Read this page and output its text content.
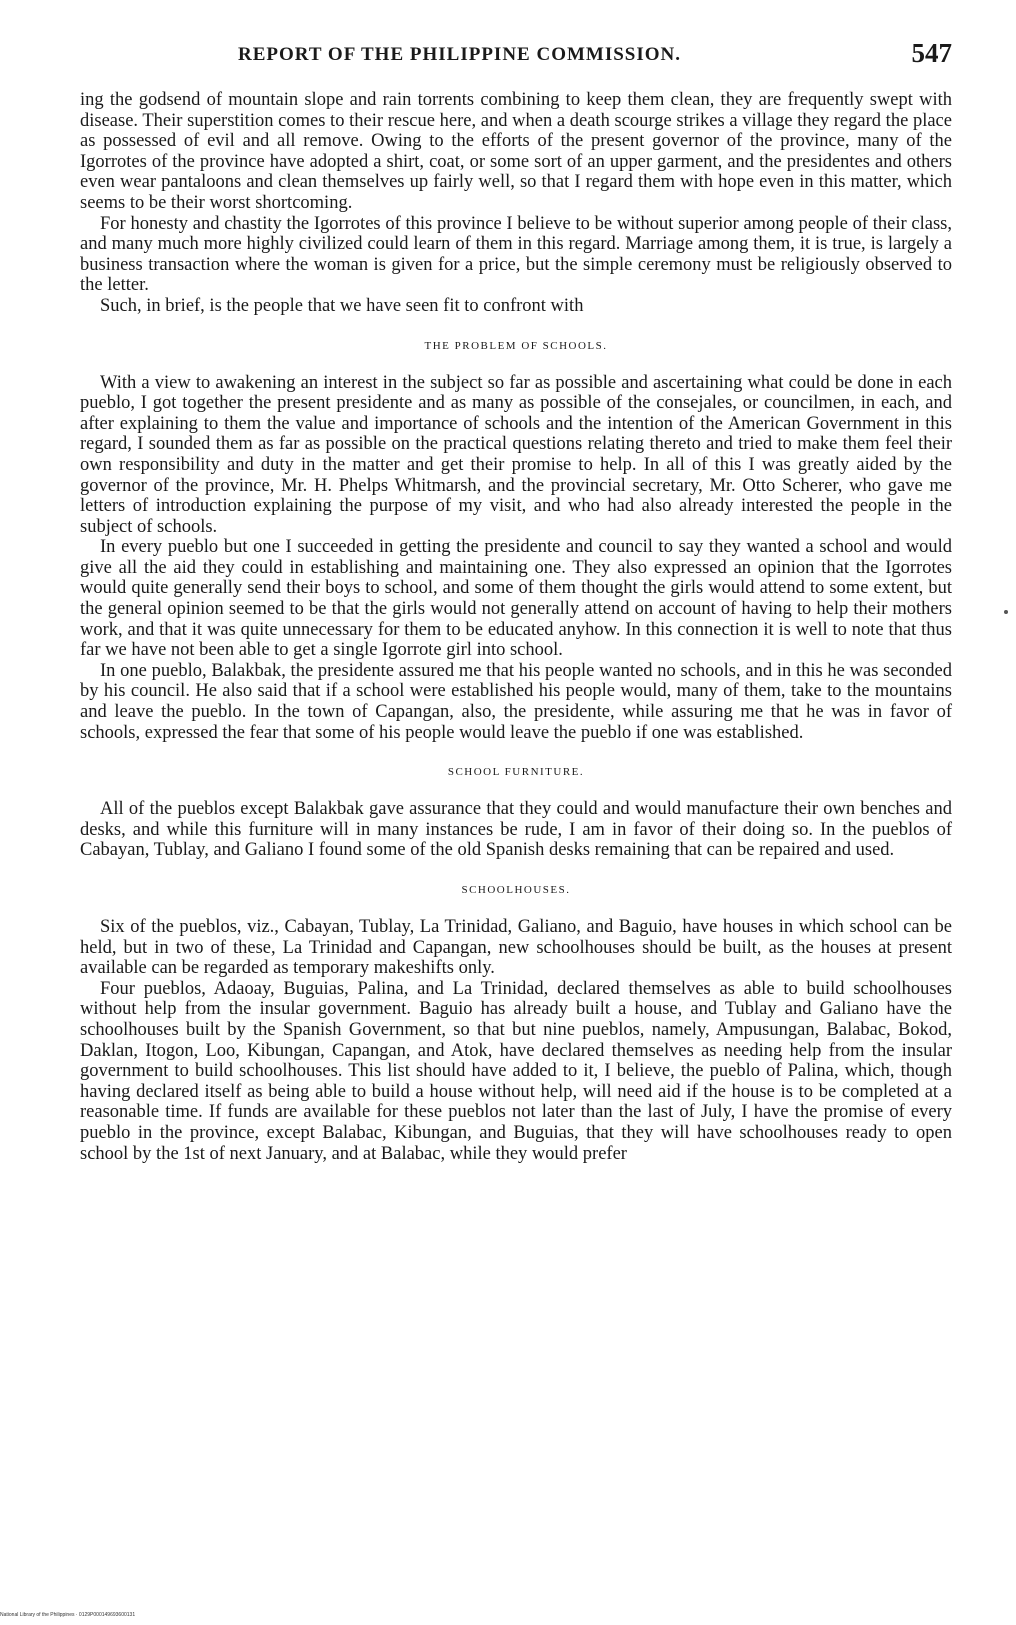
REPORT OF THE PHILIPPINE COMMISSION.	547

ing the godsend of mountain slope and rain torrents combining to keep them clean, they are frequently swept with disease. Their superstition comes to their rescue here, and when a death scourge strikes a village they regard the place as possessed of evil and all remove. Owing to the efforts of the present governor of the province, many of the Igorrotes of the province have adopted a shirt, coat, or some sort of an upper garment, and the presidentes and others even wear pantaloons and clean themselves up fairly well, so that I regard them with hope even in this matter, which seems to be their worst shortcoming.

For honesty and chastity the Igorrotes of this province I believe to be without superior among people of their class, and many much more highly civilized could learn of them in this regard. Marriage among them, it is true, is largely a business transaction where the woman is given for a price, but the simple ceremony must be religiously observed to the letter.

Such, in brief, is the people that we have seen fit to confront with

THE PROBLEM OF SCHOOLS.

With a view to awakening an interest in the subject so far as possible and ascertaining what could be done in each pueblo, I got together the present presidente and as many as possible of the consejales, or councilmen, in each, and after explaining to them the value and importance of schools and the intention of the American Government in this regard, I sounded them as far as possible on the practical questions relating thereto and tried to make them feel their own responsibility and duty in the matter and get their promise to help. In all of this I was greatly aided by the governor of the province, Mr. H. Phelps Whitmarsh, and the provincial secretary, Mr. Otto Scherer, who gave me letters of introduction explaining the purpose of my visit, and who had also already interested the people in the subject of schools.

In every pueblo but one I succeeded in getting the presidente and council to say they wanted a school and would give all the aid they could in establishing and maintaining one. They also expressed an opinion that the Igorrotes would quite generally send their boys to school, and some of them thought the girls would attend to some extent, but the general opinion seemed to be that the girls would not generally attend on account of having to help their mothers work, and that it was quite unnecessary for them to be educated anyhow. In this connection it is well to note that thus far we have not been able to get a single Igorrote girl into school.

In one pueblo, Balakbak, the presidente assured me that his people wanted no schools, and in this he was seconded by his council. He also said that if a school were established his people would, many of them, take to the mountains and leave the pueblo. In the town of Capangan, also, the presidente, while assuring me that he was in favor of schools, expressed the fear that some of his people would leave the pueblo if one was established.

SCHOOL FURNITURE.

All of the pueblos except Balakbak gave assurance that they could and would manufacture their own benches and desks, and while this furniture will in many instances be rude, I am in favor of their doing so. In the pueblos of Cabayan, Tublay, and Galiano I found some of the old Spanish desks remaining that can be repaired and used.

SCHOOLHOUSES.

Six of the pueblos, viz., Cabayan, Tublay, La Trinidad, Galiano, and Baguio, have houses in which school can be held, but in two of these, La Trinidad and Capangan, new schoolhouses should be built, as the houses at present available can be regarded as temporary makeshifts only.

Four pueblos, Adaoay, Buguias, Palina, and La Trinidad, declared themselves as able to build schoolhouses without help from the insular government. Baguio has already built a house, and Tublay and Galiano have the schoolhouses built by the Spanish Government, so that but nine pueblos, namely, Ampusungan, Balabac, Bokod, Daklan, Itogon, Loo, Kibungan, Capangan, and Atok, have declared themselves as needing help from the insular government to build schoolhouses. This list should have added to it, I believe, the pueblo of Palina, which, though having declared itself as being able to build a house without help, will need aid if the house is to be completed at a reasonable time. If funds are available for these pueblos not later than the last of July, I have the promise of every pueblo in the province, except Balabac, Kibungan, and Buguias, that they will have schoolhouses ready to open school by the 1st of next January, and at Balabac, while they would prefer

National Library of the Philippines · 0129P000149693600131
